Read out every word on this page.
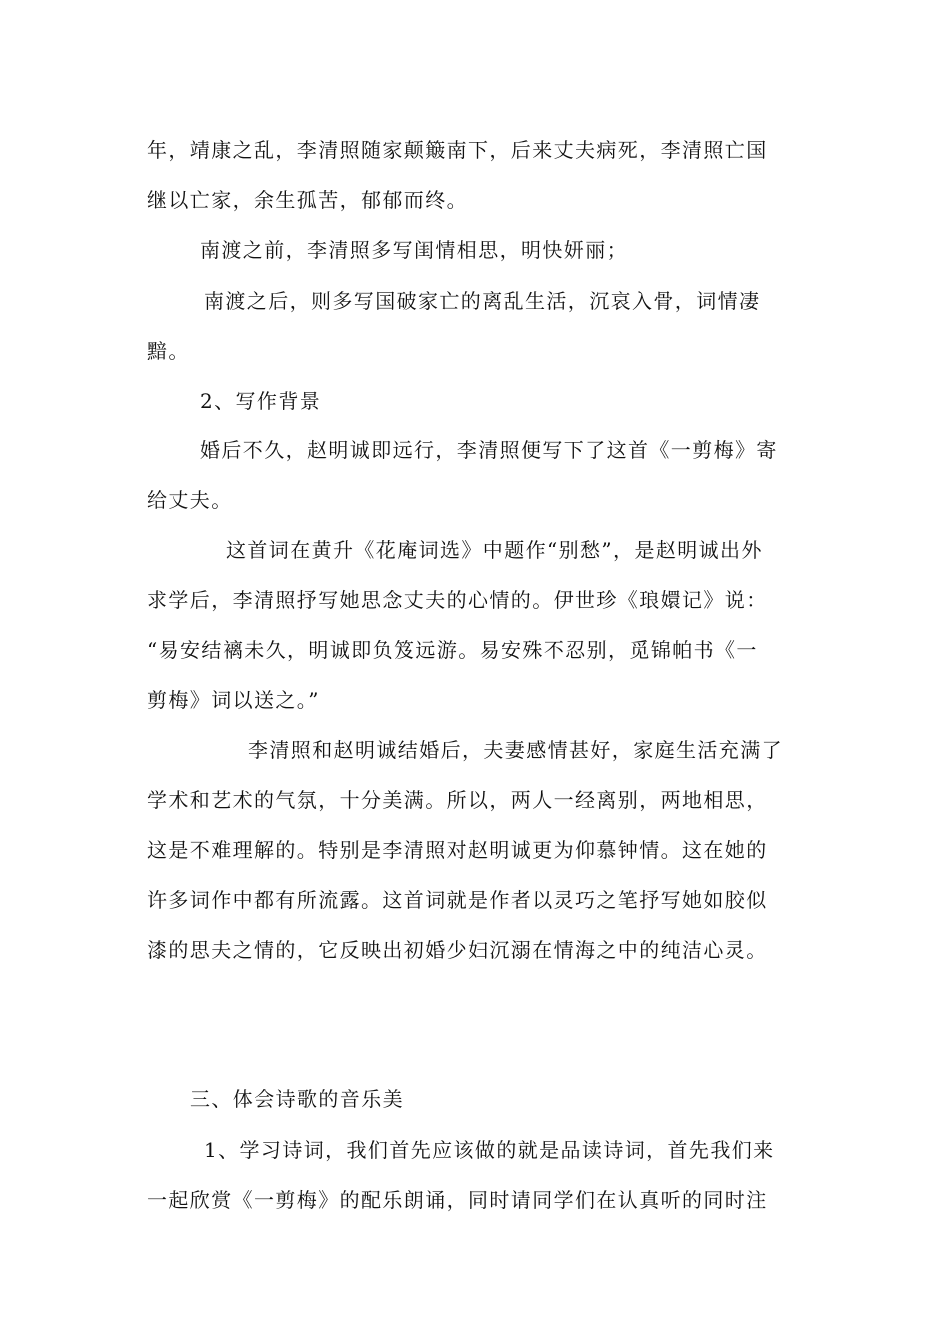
年，靖康之乱，李清照随家颠簸南下，后来丈夫病死，李清照亡国
继以亡家，余生孤苦，郁郁而终。
南渡之前，李清照多写闺情相思，明快妍丽；
南渡之后，则多写国破家亡的离乱生活，沉哀入骨，词情凄
黯。
2、写作背景
婚后不久，赵明诚即远行，李清照便写下了这首《一剪梅》寄
给丈夫。
这首词在黄升《花庵词选》中题作“别愁”，是赵明诚出外
求学后，李清照抒写她思念丈夫的心情的。伊世珍《琅嬛记》说：
“易安结褵未久，明诚即负笈远游。易安殊不忍别，觅锦帕书《一
剪梅》词以送之。”
李清照和赵明诚结婚后，夫妻感情甚好，家庭生活充满了
学术和艺术的气氛，十分美满。所以，两人一经离别，两地相思，
这是不难理解的。特别是李清照对赵明诚更为仰慕钟情。这在她的
许多词作中都有所流露。这首词就是作者以灵巧之笔抒写她如胶似
漆的思夫之情的，它反映出初婚少妇沉溺在情海之中的纯洁心灵。
三、体会诗歌的音乐美
1、学习诗词，我们首先应该做的就是品读诗词，首先我们来
一起欣赏《一剪梅》的配乐朗诵，同时请同学们在认真听的同时注
